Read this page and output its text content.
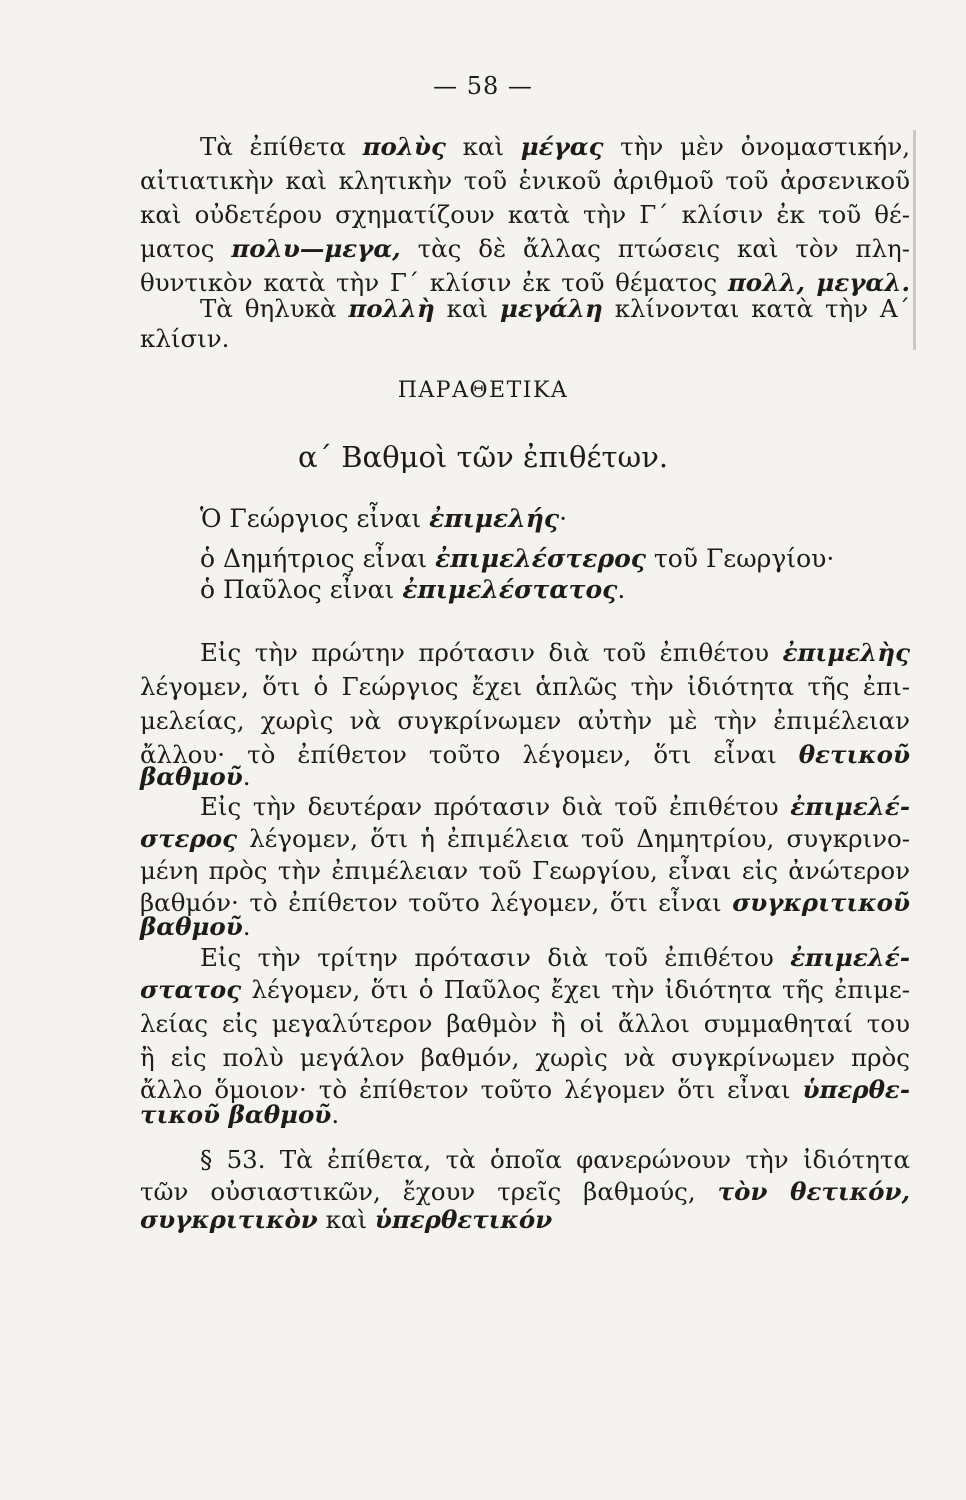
— 58 —
Τὰ ἐπίθετα πολὺς καὶ μέγας τὴν μὲν ὀνομαστικήν,
αἰτιατικὴν καὶ κλητικὴν τοῦ ἑνικοῦ ἀριθμοῦ τοῦ ἀρσενικοῦ
καὶ οὐδετέρου σχηματίζουν κατὰ τὴν Γ΄ κλίσιν ἐκ τοῦ θέ-
ματος πολυ—μεγα, τὰς δὲ ἄλλας πτώσεις καὶ τὸν πλη-
θυντικὸν κατὰ τὴν Γ΄ κλίσιν ἐκ τοῦ θέματος πολλ, μεγαλ.
Τὰ θηλυκὰ πολλὴ καὶ μεγάλη κλίνονται κατὰ τὴν Α΄
κλίσιν.
ΠΑΡΑΘΕΤΙΚΑ
α΄ Βαθμοὶ τῶν ἐπιθέτων.
Ὁ Γεώργιος εἶναι ἐπιμελής·
ὁ Δημήτριος εἶναι ἐπιμελέστερος τοῦ Γεωργίου·
ὁ Παῦλος εἶναι ἐπιμελέστατος.
Εἰς τὴν πρώτην πρότασιν διὰ τοῦ ἐπιθέτου ἐπιμελὴς
λέγομεν, ὅτι ὁ Γεώργιος ἔχει ἁπλῶς τὴν ἰδιότητα τῆς ἐπι-
μελείας, χωρὶς νὰ συγκρίνωμεν αὐτὴν μὲ τὴν ἐπιμέλειαν
ἄλλου· τὸ ἐπίθετον τοῦτο λέγομεν, ὅτι εἶναι θετικοῦ
βαθμοῦ.
Εἰς τὴν δευτέραν πρότασιν διὰ τοῦ ἐπιθέτου ἐπιμελέ-
στερος λέγομεν, ὅτι ἡ ἐπιμέλεια τοῦ Δημητρίου, συγκρινο-
μένη πρὸς τὴν ἐπιμέλειαν τοῦ Γεωργίου, εἶναι εἰς ἀνώτερον
βαθμόν· τὸ ἐπίθετον τοῦτο λέγομεν, ὅτι εἶναι συγκριτικοῦ
βαθμοῦ.
Εἰς τὴν τρίτην πρότασιν διὰ τοῦ ἐπιθέτου ἐπιμελέ-
στατος λέγομεν, ὅτι ὁ Παῦλος ἔχει τὴν ἰδιότητα τῆς ἐπιμε-
λείας εἰς μεγαλύτερον βαθμὸν ἢ οἱ ἄλλοι συμμαθηταί του
ἢ εἰς πολὺ μεγάλον βαθμόν, χωρὶς νὰ συγκρίνωμεν πρὸς
ἄλλο ὅμοιον· τὸ ἐπίθετον τοῦτο λέγομεν ὅτι εἶναι ὑπερθε-
τικοῦ βαθμοῦ.
§ 53. Τὰ ἐπίθετα, τὰ ὁποῖα φανερώνουν τὴν ἰδιότητα
τῶν οὐσιαστικῶν, ἔχουν τρεῖς βαθμούς, τὸν θετικόν,
συγκριτικὸν καὶ ὑπερθετικόν
